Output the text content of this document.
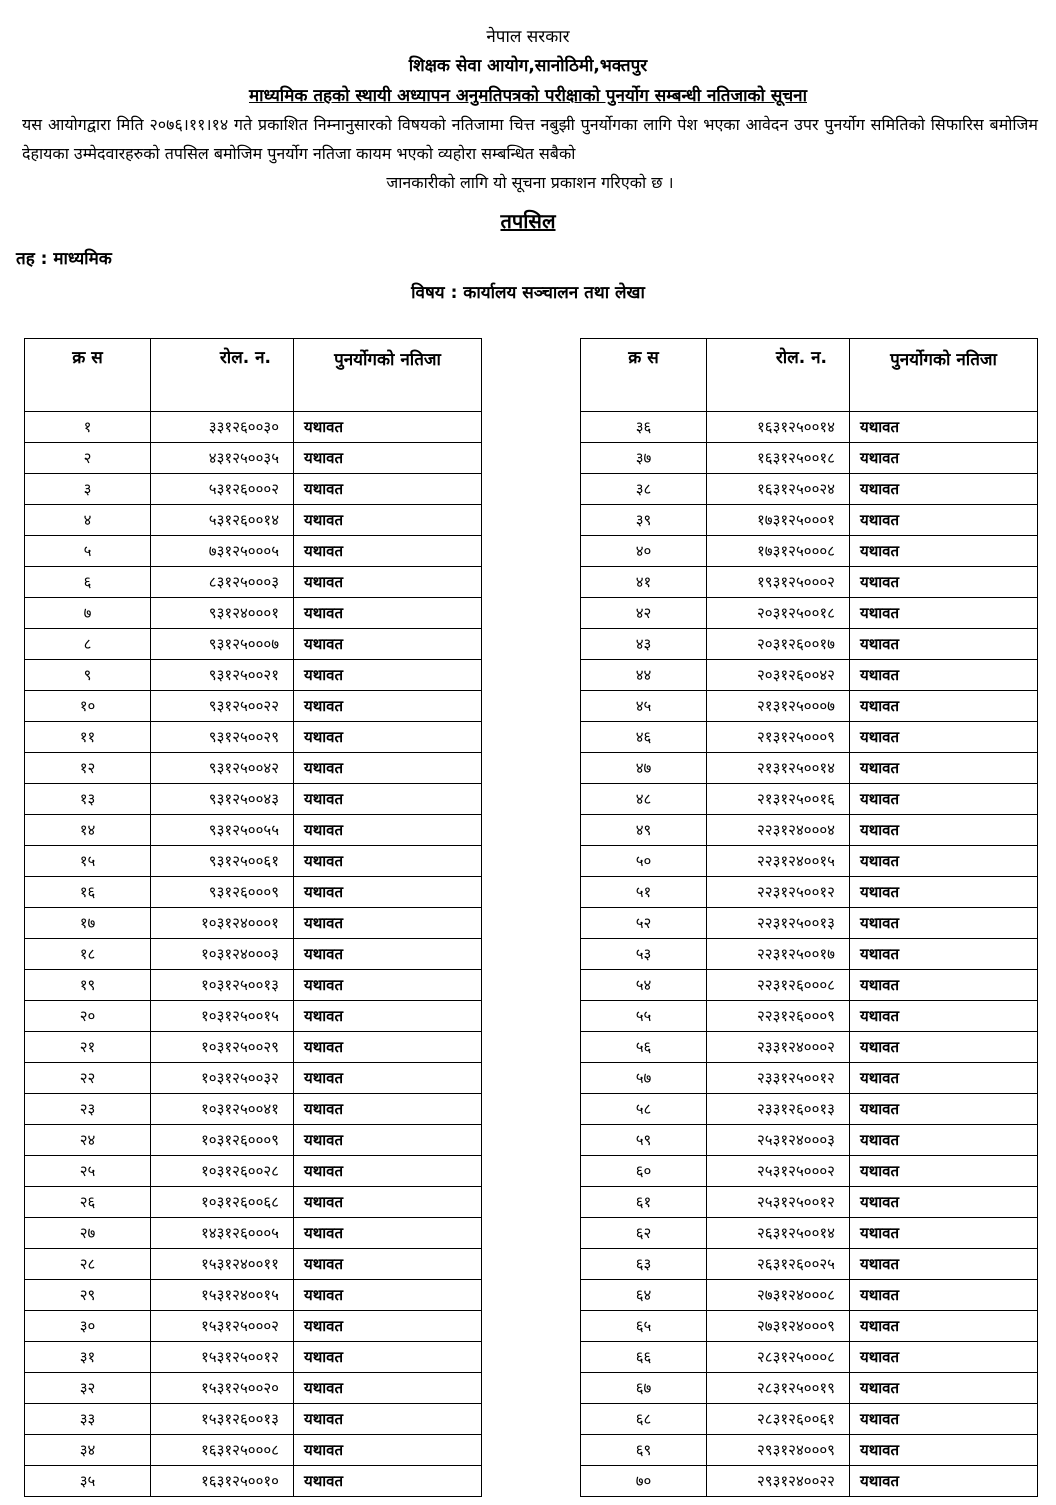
नेपाल सरकार
शिक्षक सेवा आयोग,सानोठिमी,भक्तपुर
माध्यमिक तहको स्थायी अध्यापन अनुमतिपत्रको परीक्षाको पुनर्योग सम्बन्धी नतिजाको सूचना
यस आयोगद्वारा मिति २०७६।११।१४ गते प्रकाशित निम्नानुसारको विषयको नतिजामा चित्त नबुझी पुनर्योगका लागि पेश भएका आवेदन उपर पुनर्योग समितिको सिफारिस बमोजिम देहायका उम्मेदवारहरुको तपसिल बमोजिम पुनर्योग नतिजा कायम भएको व्यहोरा सम्बन्धित सबैको
जानकारीको लागि यो सूचना प्रकाशन गरिएको छ ।
तपसिल
तह : माध्यमिक
विषय : कार्यालय सञ्चालन तथा लेखा
क्र स	रोल. न.	पुनर्योगको नतिजा
१	३३१२६००३०	यथावत
२	४३१२५००३५	यथावत
३	५३१२६०००२	यथावत
४	५३१२६००१४	यथावत
५	७३१२५०००५	यथावत
६	८३१२५०००३	यथावत
७	९३१२४०००१	यथावत
८	९३१२५०००७	यथावत
९	९३१२५००२१	यथावत
१०	९३१२५००२२	यथावत
११	९३१२५००२९	यथावत
१२	९३१२५००४२	यथावत
१३	९३१२५००४३	यथावत
१४	९३१२५००५५	यथावत
१५	९३१२५००६१	यथावत
१६	९३१२६०००९	यथावत
१७	१०३१२४०००१	यथावत
१८	१०३१२४०००३	यथावत
१९	१०३१२५००१३	यथावत
२०	१०३१२५००१५	यथावत
२१	१०३१२५००२९	यथावत
२२	१०३१२५००३२	यथावत
२३	१०३१२५००४१	यथावत
२४	१०३१२६०००९	यथावत
२५	१०३१२६००२८	यथावत
२६	१०३१२६००६८	यथावत
२७	१४३१२६०००५	यथावत
२८	१५३१२४००११	यथावत
२९	१५३१२४००१५	यथावत
३०	१५३१२५०००२	यथावत
३१	१५३१२५००१२	यथावत
३२	१५३१२५००२०	यथावत
३३	१५३१२६००१३	यथावत
३४	१६३१२५०००८	यथावत
३५	१६३१२५००१०	यथावत
क्र स	रोल. न.	पुनर्योगको नतिजा
३६	१६३१२५००१४	यथावत
३७	१६३१२५००१८	यथावत
३८	१६३१२५००२४	यथावत
३९	१७३१२५०००१	यथावत
४०	१७३१२५०००८	यथावत
४१	१९३१२५०००२	यथावत
४२	२०३१२५००१८	यथावत
४३	२०३१२६००१७	यथावत
४४	२०३१२६००४२	यथावत
४५	२१३१२५०००७	यथावत
४६	२१३१२५०००९	यथावत
४७	२१३१२५००१४	यथावत
४८	२१३१२५००१६	यथावत
४९	२२३१२४०००४	यथावत
५०	२२३१२४००१५	यथावत
५१	२२३१२५००१२	यथावत
५२	२२३१२५००१३	यथावत
५३	२२३१२५००१७	यथावत
५४	२२३१२६०००८	यथावत
५५	२२३१२६०००९	यथावत
५६	२३३१२४०००२	यथावत
५७	२३३१२५००१२	यथावत
५८	२३३१२६००१३	यथावत
५९	२५३१२४०००३	यथावत
६०	२५३१२५०००२	यथावत
६१	२५३१२५००१२	यथावत
६२	२६३१२५००१४	यथावत
६३	२६३१२६००२५	यथावत
६४	२७३१२४०००८	यथावत
६५	२७३१२४०००९	यथावत
६६	२८३१२५०००८	यथावत
६७	२८३१२५००१९	यथावत
६८	२८३१२६००६१	यथावत
६९	२९३१२४०००९	यथावत
७०	२९३१२४००२२	यथावत
